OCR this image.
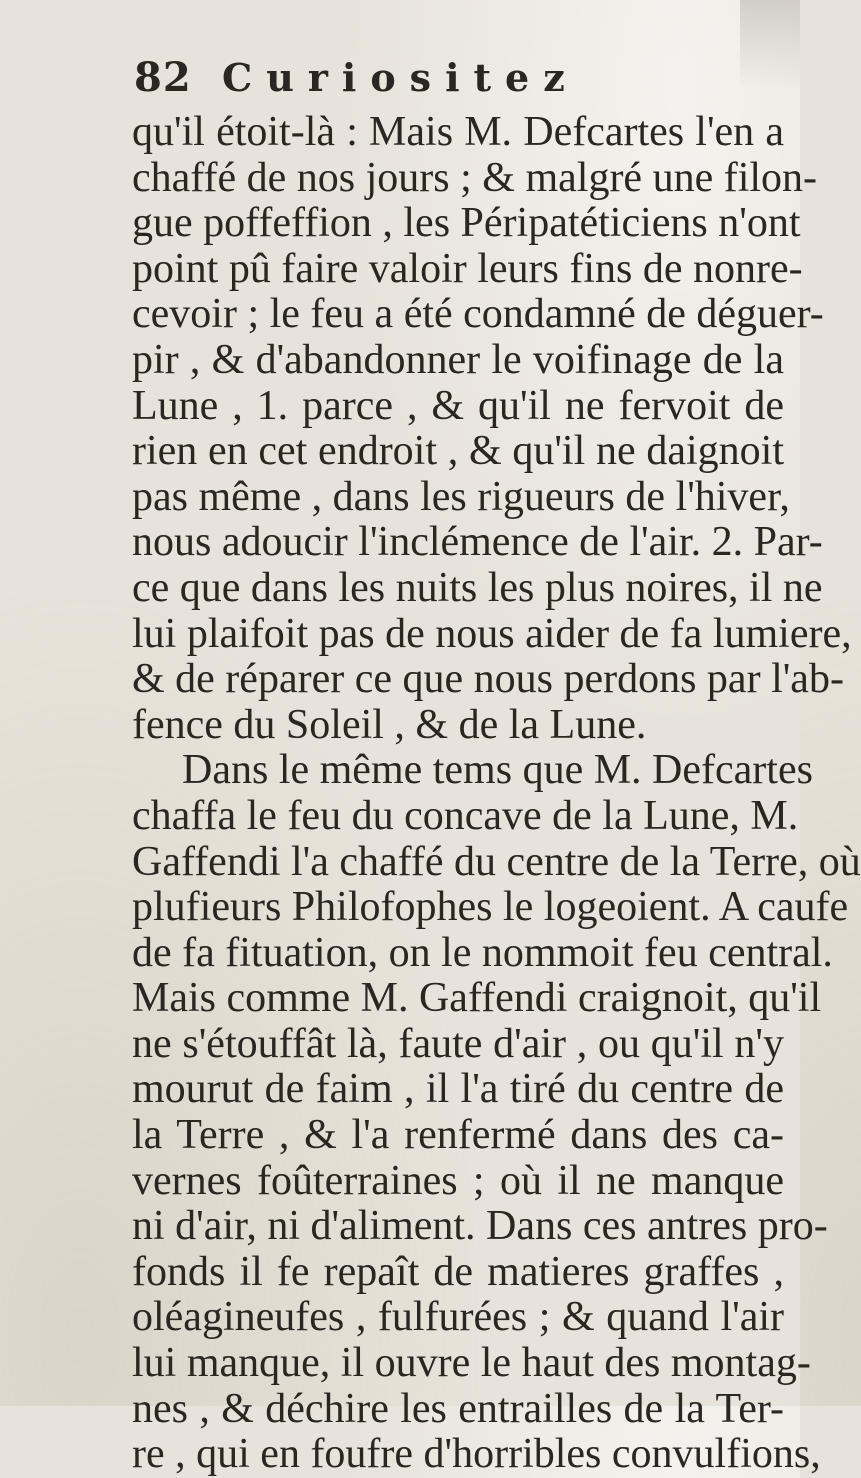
82 Curiositez
qu'il étoit-là : Mais M. Defcartes l'en a
chaffé de nos jours ; & malgré une filon-
gue poffeffion , les Péripatéticiens n'ont
point pû faire valoir leurs fins de nonre-
cevoir ; le feu a été condamné de déguer-
pir , & d'abandonner le voifinage de la
Lune , 1. parce , & qu'il ne fervoit de
rien en cet endroit , & qu'il ne daignoit
pas même , dans les rigueurs de l'hiver,
nous adoucir l'inclémence de l'air. 2. Par-
ce que dans les nuits les plus noires, il ne
lui plaifoit pas de nous aider de fa lumiere,
& de réparer ce que nous perdons par l'ab-
fence du Soleil , & de la Lune.
Dans le même tems que M. Defcartes
chaffa le feu du concave de la Lune, M.
Gaffendi l'a chaffé du centre de la Terre, où
plufieurs Philofophes le logeoient. A caufe
de fa fituation, on le nommoit feu central.
Mais comme M. Gaffendi craignoit, qu'il
ne s'étouffât là, faute d'air , ou qu'il n'y
mourut de faim , il l'a tiré du centre de
la Terre , & l'a renfermé dans des ca-
vernes foûterraines ; où il ne manque
ni d'air, ni d'aliment. Dans ces antres pro-
fonds il fe repaît de matieres graffes ,
oléagineufes , fulfurées ; & quand l'air
lui manque, il ouvre le haut des montag-
nes , & déchire les entrailles de la Ter-
re , qui en foufre d'horribles convulfions,
